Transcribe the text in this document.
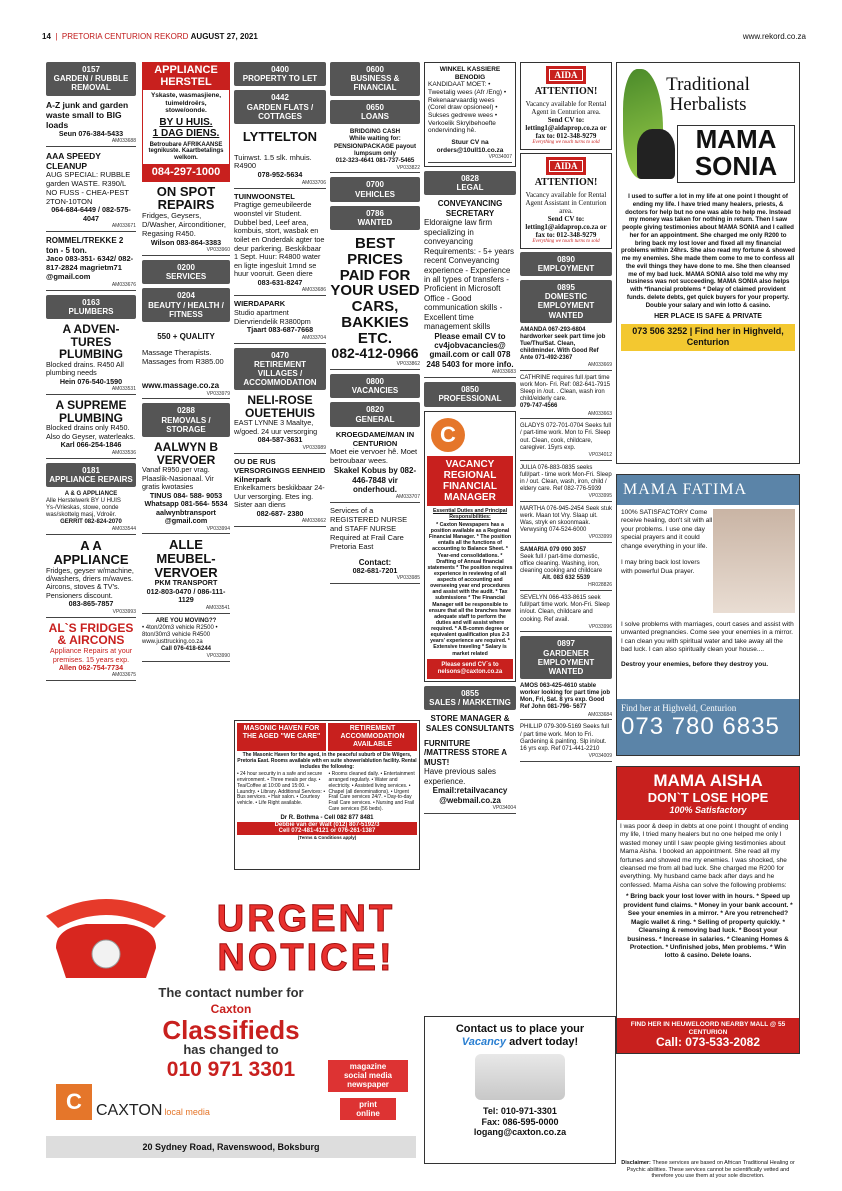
14  |  PRETORIA CENTURION REKORD AUGUST 27, 2021	www.rekord.co.za
0157
GARDEN / RUBBLE REMOVAL
A-Z junk and garden waste small to BIG loads
Seun 076-384-5433
AM033688
AAA SPEEDY CLEANUP
AUG SPECIAL: RUBBLE garden WASTE. R390/L NO FUSS - CHEA-PEST 2TON-10TON
064-684-6449 / 082-575-4047
AM033671
ROMMEL/TREKKE 2 ton - 5 ton.
Jaco 083-351- 6342/ 082-817-2824 magrietm71 @gmail.com
AM033676
0163
PLUMBERS
A ADVEN-TURES PLUMBING
Blocked drains. R450 All plumbing needs
Hein 076-540-1590
AM033531
A SUPREME PLUMBING
Blocked drains only R450. Also do Geyser, waterleaks.
Karl 066-254-1846
AM033536
0181
APPLIANCE REPAIRS
A & G APPLIANCE
Alle Herstelwerk BY U HUIS Ys-/Vrieskas, stowe, oonde was/skottelg masj, Vdroër.
GERRIT 082-824-2070
AM033544
A A APPLIANCE
Fridges, geyser w/machine, d/washers, driers m/waves. Aircons, stoves & TV's. Pensioners discount.
083-865-7857
VP033993
AL`S FRIDGES & AIRCONS
Appliance Repairs at your premises. 15 years exp.
Allen 062-754-7734
AM033675
APPLIANCE HERSTEL
Yskaste, wasmasjiene, tuimeldroërs, stowe/oonde.
BY U HUIS.
1 DAG DIENS.
Betroubare AFRIKAANSE tegnikuste. Kaartbetalings welkom.
084-297-1000
ON SPOT REPAIRS
Fridges, Geysers, D/Washer, Airconditioner, Regasing R450.
Wilson 083-864-3383
VP033960
0200
SERVICES
0204
BEAUTY / HEALTH / FITNESS
550 + QUALITY
Massage Therapists. Massages from R385.00
www.massage.co.za
VP033979
0288
REMOVALS / STORAGE
AALWYN B VERVOER
Vanaf R950.per vrag. Plaaslik-Nasionaal. Vir gratis kwotasies
TINUS 084- 588- 9053 Whatsapp 081-564- 5534 aalwynbtransport @gmail.com
VP033994
ALLE MEUBEL-VERVOER
PKM TRANSPORT
012-803-0470 / 086-111-1129
AM033541
ARE YOU MOVING??
• 4ton/20m3 vehicle R2500 • 8ton/30m3 vehicle R4500 www.justtrucking.co.za
Call 076-418-6244
VP033990
0400
PROPERTY TO LET
0442
GARDEN FLATS / COTTAGES
LYTTELTON
Tuinwst. 1.5 slk. mhuis. R4900
078-952-5634
AM033706
TUINWOONSTEL
Pragtige gemeubileerde woonstel vir Student. Dubbel bed, Leef area, kombuis, stort, wasbak en toilet en Onderdak agter toe deur parkering. Beskikbaar 1 Sept. Huur: R4800 water en ligte ingesluit 1mnd se huur vooruit. Geen diere
083-631-8247
AM033686
WIERDAPARK
Studio apartment Diervriendelik R3800pm
Tjaart 083-687-7668
AM033704
0470
RETIREMENT VILLAGES / ACCOMMODATION
NELI-ROSE OUETEHUIS
EAST LYNNE 3 Maaltye, w/goed. 24 uur versorging
084-587-3631
VP033989
OU DE RUS VERSORGINGS EENHEID Kilnerpark
Enkelkamers beskikbaar 24- Uur versorging. Etes ing. Sister aan diens
082-687- 2380
AM033662
0600
BUSINESS & FINANCIAL
0650
LOANS
BRIDGING CASH
While waiting for: PENSION/PACKAGE payout lumpsum only
012-323-4641 081-737-5465
VP033822
0700
VEHICLES
0786
WANTED
BEST PRICES PAID FOR YOUR USED CARS, BAKKIES ETC.
082-412-0966
VP033862
0800
VACANCIES
0820
GENERAL
KROEGDAME/MAN IN CENTURION
Moet eie vervoer hê. Moet betroubaar wees.
Skakel Kobus by 082-446-7848 vir onderhoud.
AM033707
Services of a REGISTERED NURSE and STAFF NURSE Required at Frail Care Pretoria East
Contact:
082-681-7201
VP033985
MASONIC HAVEN FOR THE AGED "WE CARE"
RETIREMENT ACCOMMODATION AVAILABLE
The Masonic Haven for the aged, in the peaceful suburb of Die Wilgers, Pretoria East. Rooms available with en suite shower/ablution facility. Rental includes the following:
• 24 hour security in a safe and secure environment. • Three meals per day. • Tea/Coffee at 10:00 and 15:00. • Laundry. • Library. Additional Services: • Bus services. • Hair salon. • Courtesy vehicle. • Life Right available.
• Rooms cleaned daily. • Entertainment arranged regularly. • Water and electricity. • Assisted living services. • Chapel (all denominations). • Urgent Frail Care services 24/7. • Day-to-day Frail Care services. • Nursing and Frail Care services (56 beds).
Dr R. Bothma - Cell 082 877 8481
Debbie van der Walt (012) 807-5192/3
Cell 072-481-4121 or 076-261-1387
(Terms & Conditions apply)
WINKEL KASSIERE BENODIG
KANDIDAAT MOET: • Tweetalig wees (Afr /Eng) • Rekenaarvaardig wees (Corel draw opsioneel) • Sukses gedrewe wees • Verkoelik Skrylbehoefte ondervinding hê.
Stuur CV na orders@10ull10.co.za
VP034007
0828
LEGAL
CONVEYANCING SECRETARY
Eldoraigne law firm specializing in conveyancing Requirements: - 5+ years recent Conveyancing experience - Experience in all types of transfers - Proficient in Microsoft Office - Good communication skills - Excellent time management skills
Please email CV to cv4jobvacancies@ gmail.com or call 078 248 5403 for more info.
AM033683
0850
PROFESSIONAL
C
VACANCY REGIONAL FINANCIAL MANAGER
Essential Duties and Principal Responsibilities:
* Caxton Newspapers has a position available as a Regional Financial Manager. * The position entails all the functions of accounting to Balance Sheet. * Year-end consolidations. * Drafting of Annual financial statements * The position requires experience in reviewing of all aspects of accounting and overseeing year end procedures and assist with the audit. * Tax submissions * The Financial Manager will be responsible to ensure that all the branches have adequate staff to perform the duties and will assist where required. * A B-comm degree or equivalent qualification plus 2-3 years' experience are required. * Extensive traveling * Salary is market related
Please send CV`s to nelsons@caxton.co.za
0855
SALES / MARKETING
STORE MANAGER & SALES CONSULTANTS
FURNITURE /MATTRESS STORE A MUST!
Have previous sales experience.
Email:retailvacancy @webmail.co.za
VP034004
AIDA
ATTENTION!
Vacancy available for Rental Agent in Centurion area.
Send CV to: letting1@aidaprop.co.za or fax to: 012-348-9279
Everything we touch turns to sold
AIDA
ATTENTION!
Vacancy available for Rental Agent Assistant in Centurion area.
Send CV to: letting1@aidaprop.co.za or fax to: 012-348-9279
Everything we touch turns to sold
0890
EMPLOYMENT
0895
DOMESTIC EMPLOYMENT WANTED
AMANDA 067-293-6804 hardworker seek part time job Tue/Thu/Sat. Clean, childminder. With Good Ref Ante 071-492-2367
AM033669
CATHRINE requires full /part time work Mon- Fri. Ref: 082-641-7915 Sleep in /out. . Clean, wash iron child/elderly care.
079-747-4566
AM033663
GLADYS 072-701-0704 Seeks full / part-time work. Mon to Fri. Sleep out. Clean, cook, childcare, caregiver. 15yrs exp.
VP034012
JULIA 076-883-0835 seeks full/part - time work Mon-Fri. Sleep in / out. Clean, wash, iron, child / eldery care. Ref 082-776-5939
VP033995
MARTHA 076-945-2454 Seek stuk werk. Maan tot Vry. Slaap uit. Was, stryk en skoonmaak. Verwysing 074-524-6000
VP033999
SAMARIA 079 090 3057
Seek full / part-time domestic, office cleaning. Washing, iron, cleaning cooking and childcare
Alt. 083 632 5539
HR028826
SEVELYN 066-433-8615 seek full/part time work. Mon-Fri. Sleep in/out. Clean, childcare and cooking. Ref avail.
VP033996
0897
GARDENER EMPLOYMENT WANTED
AMOS 063-425-4610 stable worker looking for part time job Mon, Fri, Sat. 8 yrs exp. Good Ref John 081-796- 5677
AM033684
PHILLIP 079-309-5169 Seeks full / part time work. Mon to Fri. Gardening & painting. Slp in/out. 16 yrs exp. Ref 071-441-2210
VP034009
Traditional
Herbalists
MAMA
SONIA
I used to suffer a lot in my life at one point I thought of ending my life. I have tried many healers, priests, & doctors for help but no one was able to help me. Instead my money was taken for nothing in return. Then I saw people giving testimonies about MAMA SONIA and I called her for an appointment. She charged me only R200 to bring back my lost lover and fixed all my financial problems within 24hrs. She also read my fortune & showed me my enemies. She made them come to me to confess all the evil things they have done to me. She then cleansed me of my bad luck. MAMA SONIA also told me why my business was not succeeding. MAMA SONIA also helps with *financial problems * Delay of claimed provident funds. delete debts, get quick buyers for your property. Double your salary and win lotto & casino.
HER PLACE IS SAFE & PRIVATE
073 506 3252 | Find her in Highveld, Centurion
MAMA FATIMA
100% SATISFACTORY Come receive healing, don't sit with all your problems. I use one day special prayers and it could change everything in your life.
I may bring back lost lovers with powerful Dua prayer.
I solve problems with marriages, court cases and assist with unwanted pregnancies. Come see your enemies in a mirror. I can clean you with spiritual water and take away all the bad luck. I can also spiritually clean your house....
Destroy your enemies, before they destroy you.
Find her at Highveld, Centurion
073 780 6835
MAMA AISHA
DON`T LOSE HOPE
100% Satisfactory
I was poor & deep in debts at one point I thought of ending my life, I tried many healers but no one helped me only I wasted money until I saw people giving testimonies about Mama Aisha. I booked an appointment. She read all my fortunes and showed me my enemies. I was shocked, she cleansed me from all bad luck. She charged me R200 for everything. My husband came back after days and he confessed. Mama Aisha can solve the following problems:
* Bring back your lost lover with in hours. * Speed up provident fund claims. * Money in your bank account. * See your enemies in a mirror. * Are you retrenched? Magic wallet & ring. * Selling of property quickly. * Cleansing & removing bad luck. * Boost your business. * Increase in salaries. * Cleaning Homes & Protection. * Unfinished jobs, Men problems. * Win lotto & casino. Delete loans.
FIND HER IN HEUWELOORD NEARBY MALL @ 55 CENTURION
Call: 073-533-2082
URGENT
NOTICE!
The contact number for
Caxton
Classifieds
has changed to
010 971 3301	magazine
social media
newspaper
print
online
C CAXTON local media
20 Sydney Road, Ravenswood, Boksburg
Contact us to place your
Vacancy advert today!
Tel: 010-971-3301
Fax: 086-595-0000
logang@caxton.co.za
Disclaimer: These services are based on African Traditional Healing or Psychic abilities. These services cannot be scientifically vetted and therefore you use them at your sole discretion.
